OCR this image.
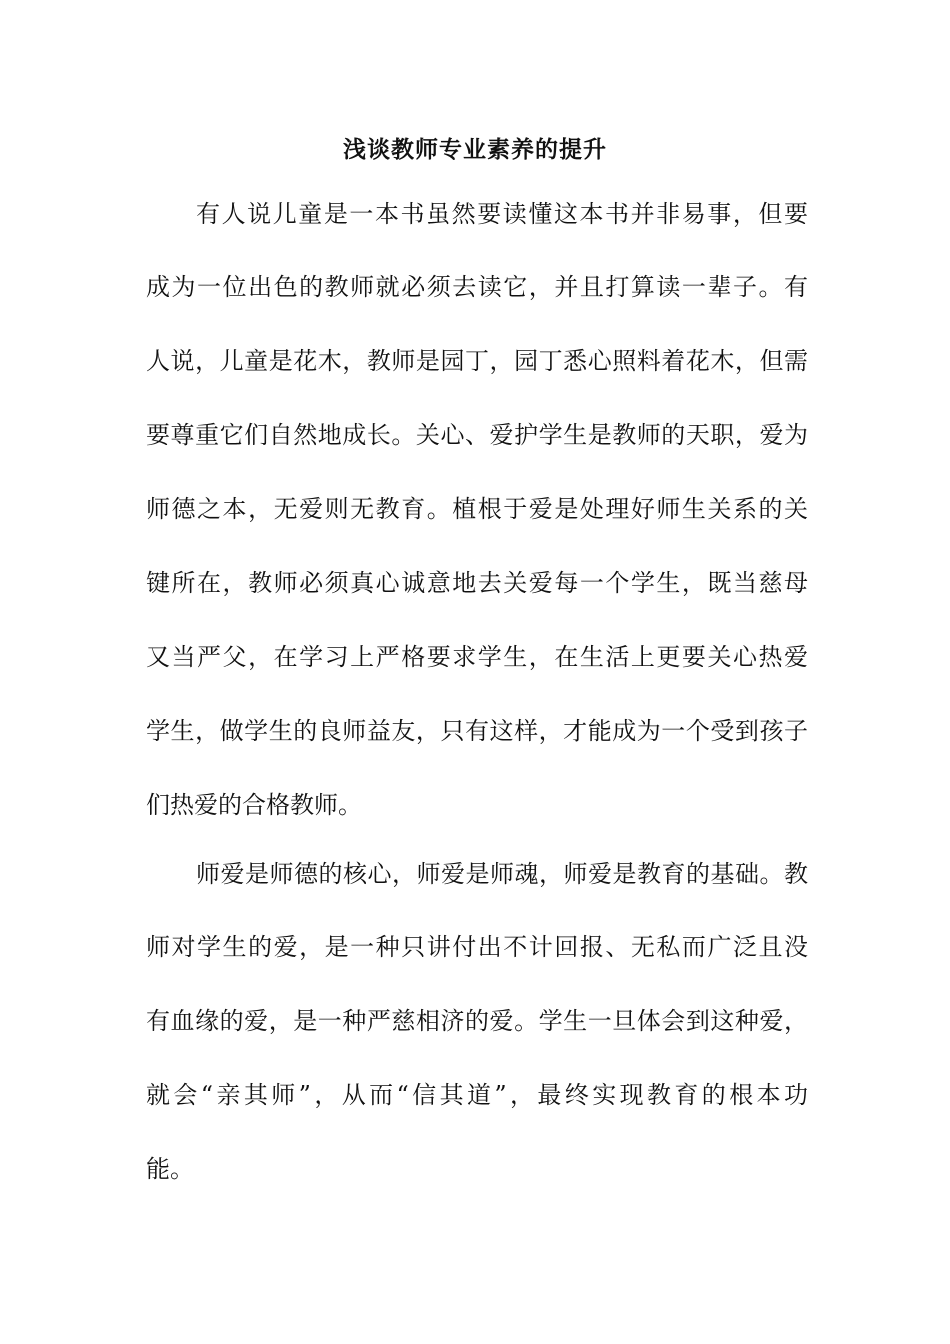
浅谈教师专业素养的提升

有人说儿童是一本书虽然要读懂这本书并非易事，但要

成为一位出色的教师就必须去读它，并且打算读一辈子。有

人说，儿童是花木，教师是园丁，园丁悉心照料着花木，但需

要尊重它们自然地成长。关心、爱护学生是教师的天职，爱为

师德之本，无爱则无教育。植根于爱是处理好师生关系的关

键所在，教师必须真心诚意地去关爱每一个学生，既当慈母

又当严父，在学习上严格要求学生，在生活上更要关心热爱

学生，做学生的良师益友，只有这样，才能成为一个受到孩子

们热爱的合格教师。

师爱是师德的核心，师爱是师魂，师爱是教育的基础。教

师对学生的爱，是一种只讲付出不计回报、无私而广泛且没

有血缘的爱，是一种严慈相济的爱。学生一旦体会到这种爱，

就会“亲其师”，从而“信其道”，最终实现教育的根本功

能。
